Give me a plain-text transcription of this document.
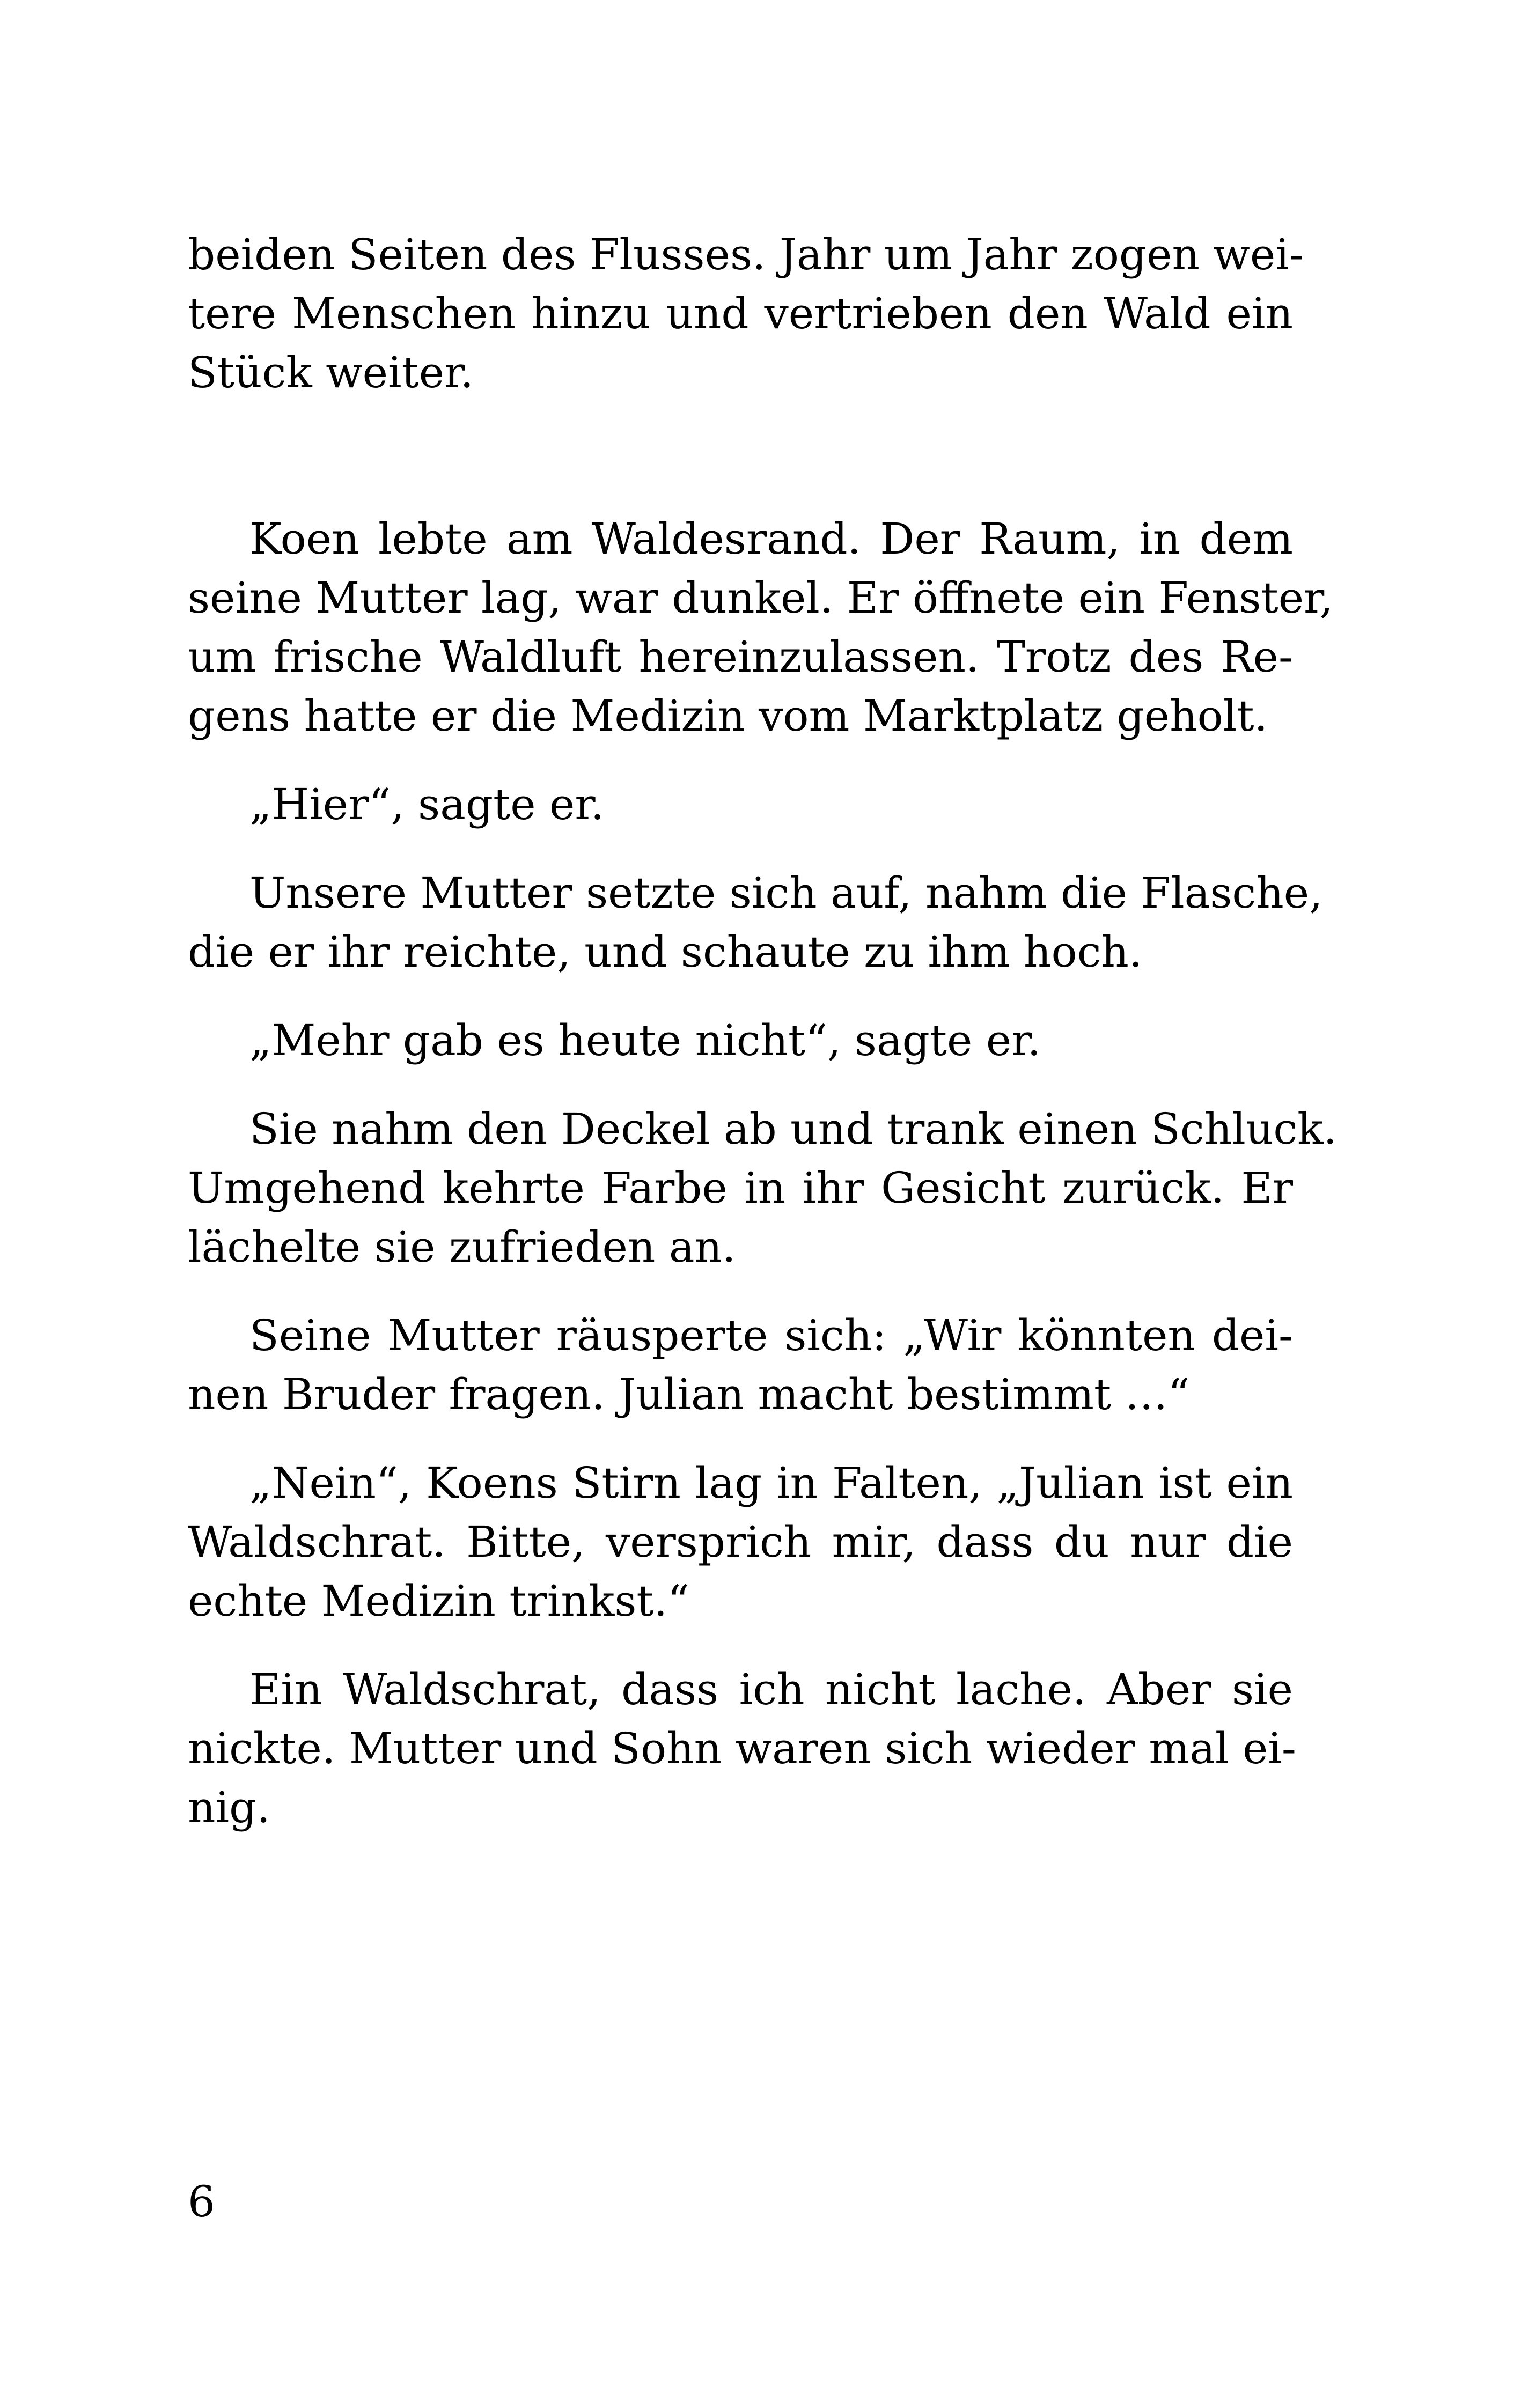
beiden Seiten des Flusses. Jahr um Jahr zogen wei-
tere Menschen hinzu und vertrieben den Wald ein
Stück weiter.
Koen lebte am Waldesrand. Der Raum, in dem
seine Mutter lag, war dunkel. Er öffnete ein Fenster,
um frische Waldluft hereinzulassen. Trotz des Re-
gens hatte er die Medizin vom Marktplatz geholt.
„Hier“, sagte er.
Unsere Mutter setzte sich auf, nahm die Flasche,
die er ihr reichte, und schaute zu ihm hoch.
„Mehr gab es heute nicht“, sagte er.
Sie nahm den Deckel ab und trank einen Schluck.
Umgehend kehrte Farbe in ihr Gesicht zurück. Er
lächelte sie zufrieden an.
Seine Mutter räusperte sich: „Wir könnten dei-
nen Bruder fragen. Julian macht bestimmt …“
„Nein“, Koens Stirn lag in Falten, „Julian ist ein
Waldschrat. Bitte, versprich mir, dass du nur die
echte Medizin trinkst.“
Ein Waldschrat, dass ich nicht lache. Aber sie
nickte. Mutter und Sohn waren sich wieder mal ei-
nig.
6
